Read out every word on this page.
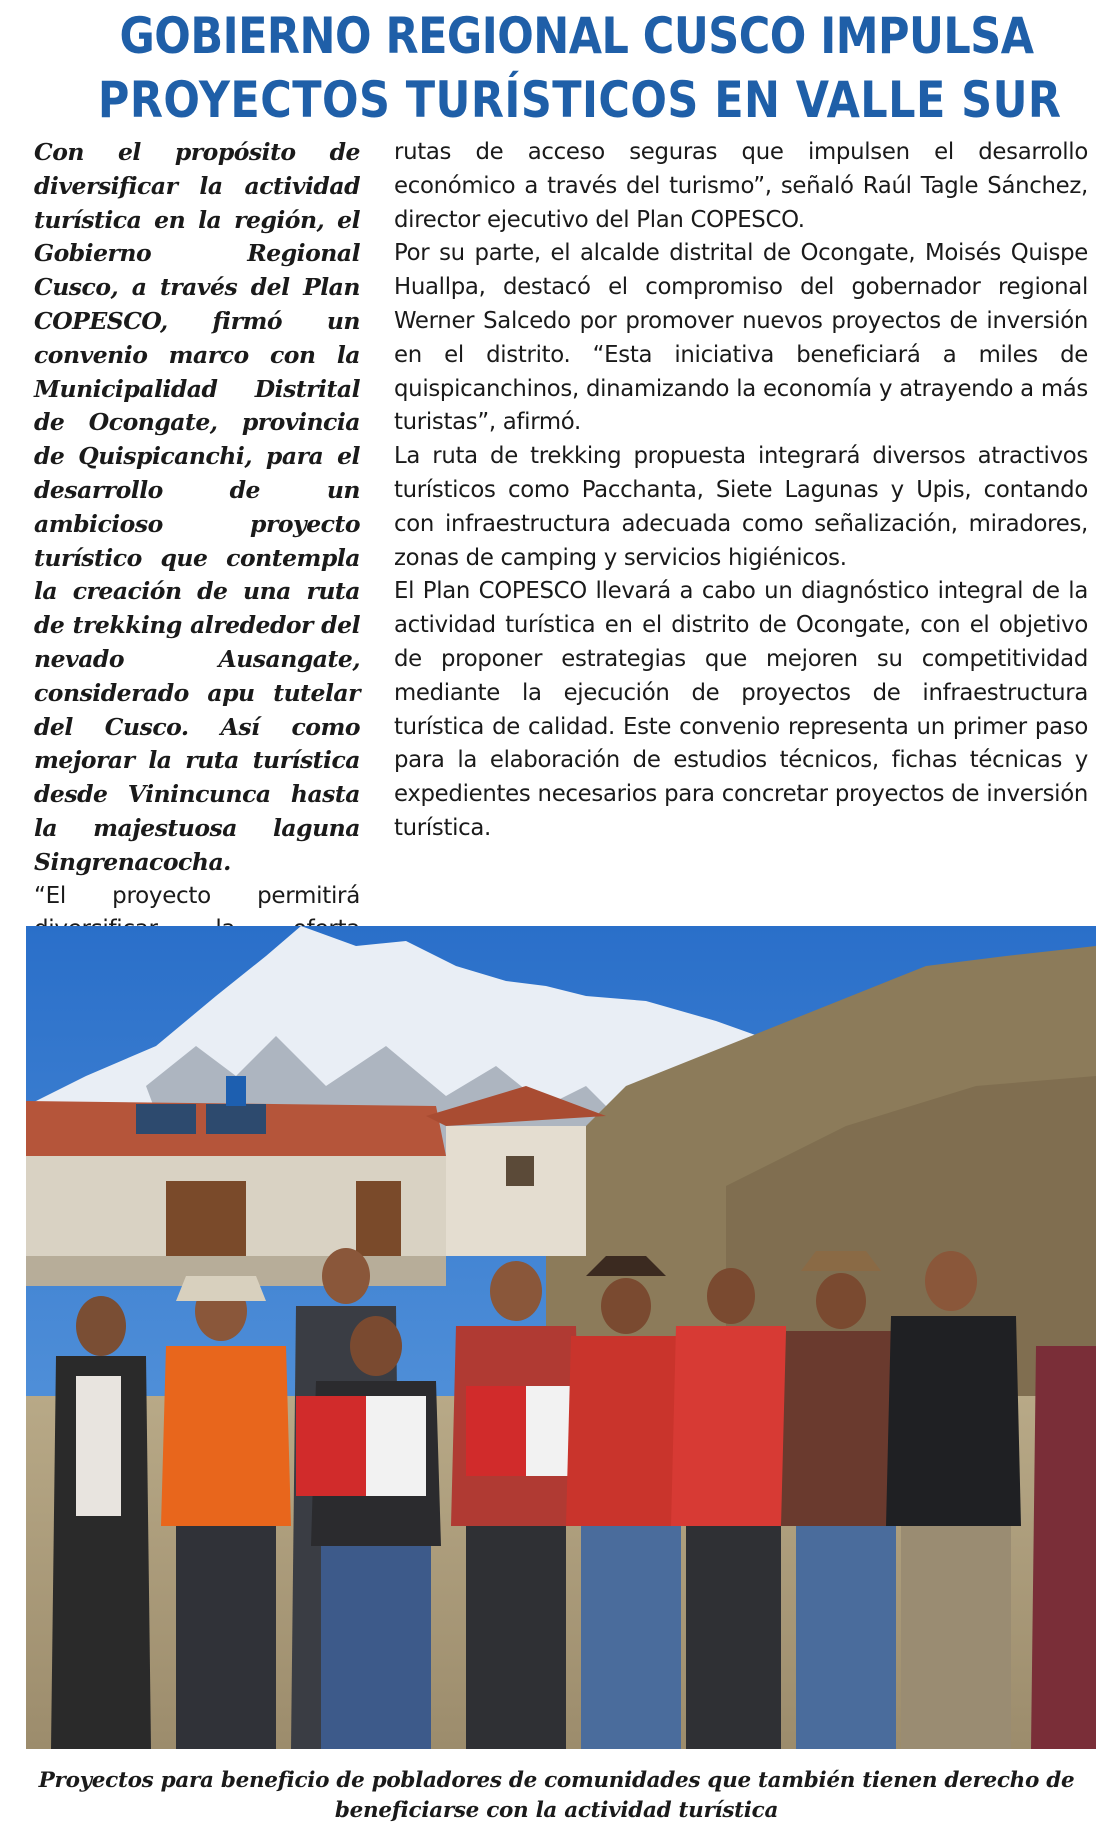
GOBIERNO REGIONAL CUSCO IMPULSA
PROYECTOS TURÍSTICOS EN VALLE SUR

Con el propósito de diversificar la actividad turística en la región, el Gobierno Regional Cusco, a través del Plan COPESCO, firmó un convenio marco con la Municipalidad Distrital de Ocongate, provincia de Quispicanchi, para el desarrollo de un ambicioso proyecto turístico que contempla la creación de una ruta de trekking alrededor del nevado Ausangate, considerado apu tutelar del Cusco. Así como mejorar la ruta turística desde Vinincunca hasta la majestuosa laguna Singrenacocha.

“El proyecto permitirá

rutas de acceso seguras que impulsen el desarrollo económico a través del turismo”, señaló Raúl Tagle Sánchez, director ejecutivo del Plan COPESCO.

Por su parte, el alcalde distrital de Ocongate, Moisés Quispe Huallpa, destacó el compromiso del gobernador regional Werner Salcedo por promover nuevos proyectos de inversión en el distrito. “Esta iniciativa beneficiará a miles de quispicanchinos, dinamizando la economía y atrayendo a más turistas”, afirmó.

La ruta de trekking propuesta integrará diversos atractivos turísticos como Pacchanta, Siete Lagunas y Upis, contando con infraestructura adecuada como señalización, miradores, zonas de camping y servicios higiénicos.

El Plan COPESCO llevará a cabo un diagnóstico integral de la actividad turística en el distrito de Ocongate, con el objetivo de proponer estrategias que mejoren su competitividad mediante la ejecución de proyectos de infraestructura turística de calidad. Este convenio representa un primer paso para la elaboración de estudios técnicos, fichas técnicas y expedientes necesarios para concretar proyectos de inversión turística.

Proyectos para beneficio de pobladores de comunidades que también tienen derecho de beneficiarse con la actividad turística
